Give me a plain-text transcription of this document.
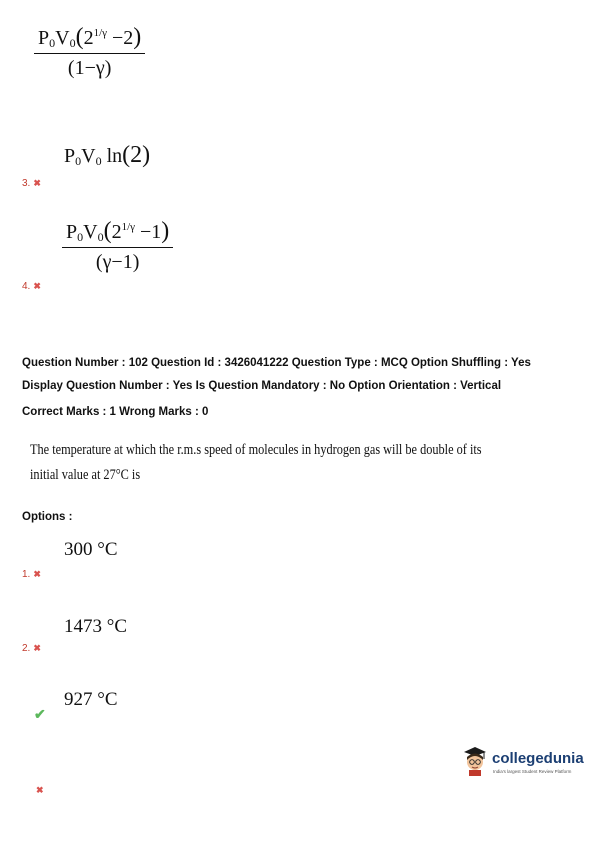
$\frac{P_0V_0(2^{1/\gamma} -2)}{(1-\gamma)}$
$P_0V_0$ ln(2)
3. ✖
$\frac{P_0V_0(2^{1/\gamma} -1)}{(\gamma-1)}$
4. ✖
Question Number : 102 Question Id : 3426041222 Question Type : MCQ Option Shuffling : Yes
Display Question Number : Yes Is Question Mandatory : No Option Orientation : Vertical
Correct Marks : 1 Wrong Marks : 0
The temperature at which the r.m.s speed of molecules in hydrogen gas will be double of its
initial value at 27°C is
Options :
300 °C
1. ✖
1473 °C
2. ✖
927 °C
✔
✖
collegedunia
India's largest Student Review Platform
